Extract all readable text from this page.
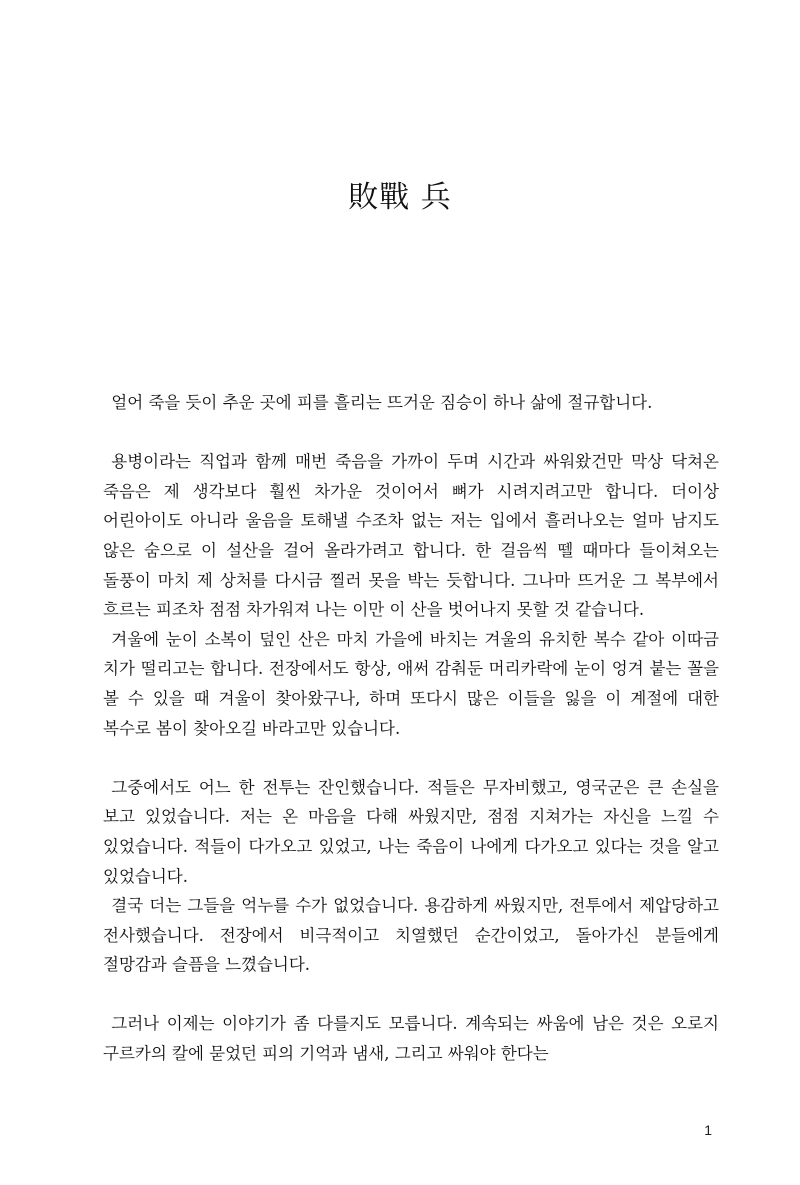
敗戰 兵

얼어 죽을 듯이 추운 곳에 피를 흘리는 뜨거운 짐승이 하나 삶에 절규합니다.

용병이라는 직업과 함께 매번 죽음을 가까이 두며 시간과 싸워왔건만 막상 닥쳐온 죽음은 제 생각보다 훨씬 차가운 것이어서 뼈가 시려지려고만 합니다. 더이상 어린아이도 아니라 울음을 토해낼 수조차 없는 저는 입에서 흘러나오는 얼마 남지도 않은 숨으로 이 설산을 걸어 올라가려고 합니다. 한 걸음씩 뗄 때마다 들이쳐오는 돌풍이 마치 제 상처를 다시금 찔러 못을 박는 듯합니다. 그나마 뜨거운 그 복부에서 흐르는 피조차 점점 차가워져 나는 이만 이 산을 벗어나지 못할 것 같습니다.

겨울에 눈이 소복이 덮인 산은 마치 가을에 바치는 겨울의 유치한 복수 같아 이따금 치가 떨리고는 합니다. 전장에서도 항상, 애써 감춰둔 머리카락에 눈이 엉겨 붙는 꼴을 볼 수 있을 때 겨울이 찾아왔구나, 하며 또다시 많은 이들을 잃을 이 계절에 대한 복수로 봄이 찾아오길 바라고만 있습니다.

그중에서도 어느 한 전투는 잔인했습니다. 적들은 무자비했고, 영국군은 큰 손실을 보고 있었습니다. 저는 온 마음을 다해 싸웠지만, 점점 지쳐가는 자신을 느낄 수 있었습니다. 적들이 다가오고 있었고, 나는 죽음이 나에게 다가오고 있다는 것을 알고 있었습니다.

결국 더는 그들을 억누를 수가 없었습니다. 용감하게 싸웠지만, 전투에서 제압당하고 전사했습니다. 전장에서 비극적이고 치열했던 순간이었고, 돌아가신 분들에게 절망감과 슬픔을 느꼈습니다.

그러나 이제는 이야기가 좀 다를지도 모릅니다. 계속되는 싸움에 남은 것은 오로지 구르카의 칼에 묻었던 피의 기억과 냄새, 그리고 싸워야 한다는

1
